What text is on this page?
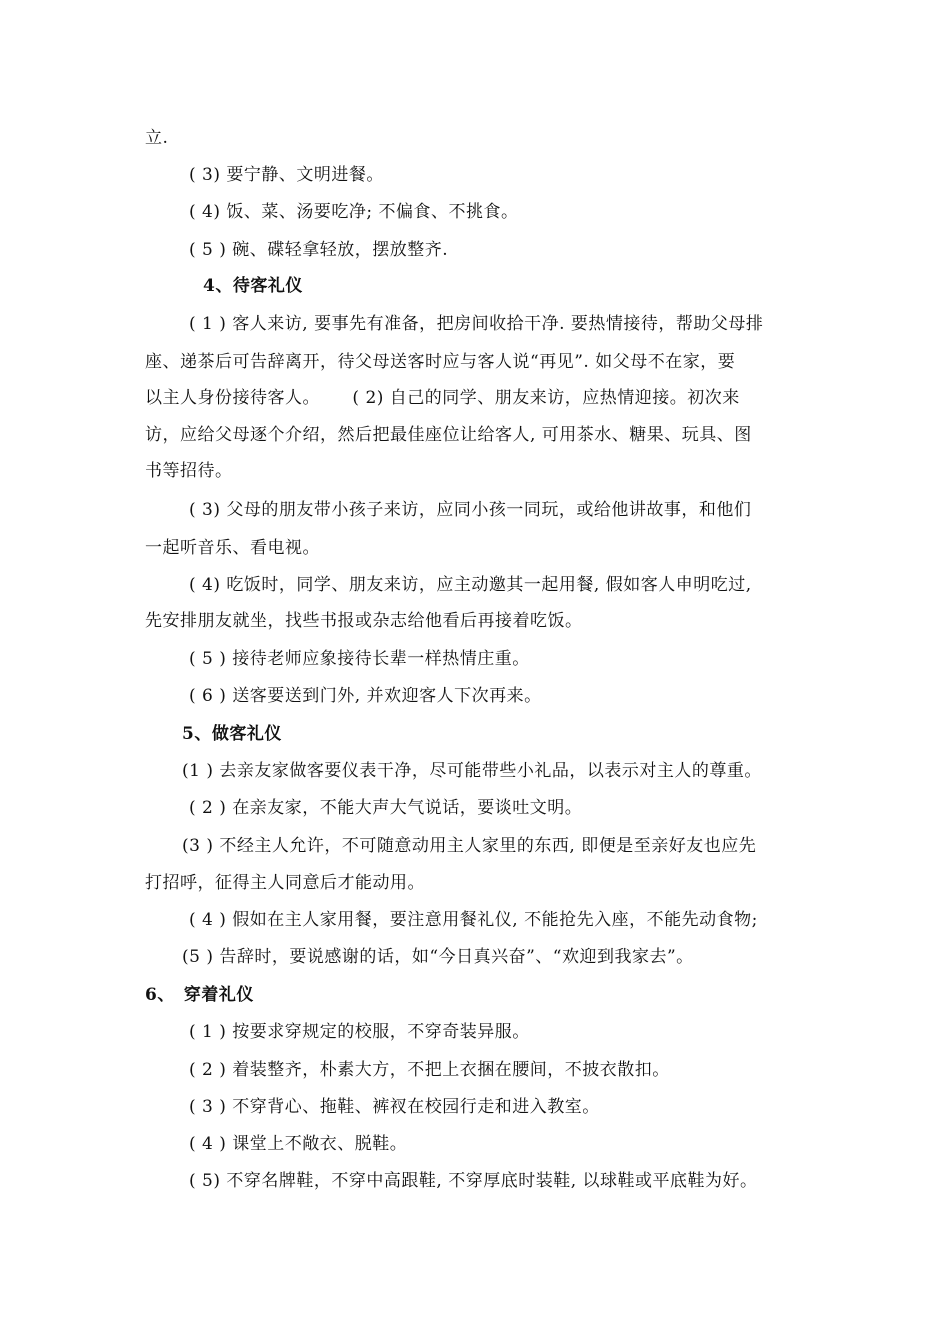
立.
( 3) 要宁静、文明进餐。
( 4) 饭、菜、汤要吃净; 不偏食、不挑食。
( 5 ) 碗、碟轻拿轻放，摆放整齐.
4、待客礼仪
( 1 ) 客人来访, 要事先有准备，把房间收拾干净. 要热情接待，帮助父母排
座、递茶后可告辞离开，待父母送客时应与客人说“再见”. 如父母不在家，要
以主人身份接待客人。　　 ( 2) 自己的同学、朋友来访，应热情迎接。初次来
访，应给父母逐个介绍，然后把最佳座位让给客人, 可用茶水、糖果、玩具、图
书等招待。
( 3) 父母的朋友带小孩子来访，应同小孩一同玩，或给他讲故事，和他们
一起听音乐、看电视。
( 4) 吃饭时，同学、朋友来访，应主动邀其一起用餐, 假如客人申明吃过,
先安排朋友就坐，找些书报或杂志给他看后再接着吃饭。
( 5 ) 接待老师应象接待长辈一样热情庄重。
( 6 ) 送客要送到门外, 并欢迎客人下次再来。
5、做客礼仪
(1 ) 去亲友家做客要仪表干净，尽可能带些小礼品，以表示对主人的尊重。
( 2 ) 在亲友家，不能大声大气说话，要谈吐文明。
(3 ) 不经主人允许，不可随意动用主人家里的东西, 即便是至亲好友也应先
打招呼，征得主人同意后才能动用。
( 4 ) 假如在主人家用餐，要注意用餐礼仪, 不能抢先入座，不能先动食物;
(5 ) 告辞时，要说感谢的话，如“今日真兴奋”、“欢迎到我家去”。
6、　穿着礼仪
( 1 ) 按要求穿规定的校服，不穿奇装异服。
( 2 ) 着装整齐，朴素大方，不把上衣捆在腰间，不披衣散扣。
( 3 ) 不穿背心、拖鞋、裤衩在校园行走和进入教室。
( 4 ) 课堂上不敞衣、脱鞋。
( 5) 不穿名牌鞋，不穿中高跟鞋, 不穿厚底时装鞋, 以球鞋或平底鞋为好。
